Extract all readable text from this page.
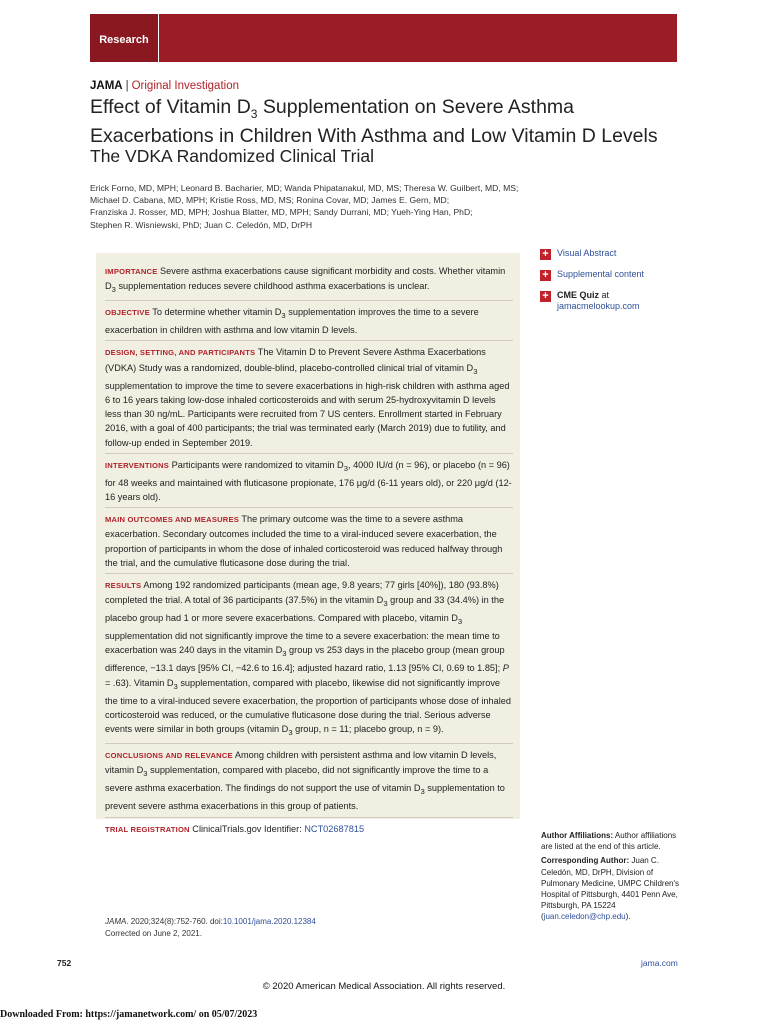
Research
JAMA | Original Investigation
Effect of Vitamin $D_3$ Supplementation on Severe Asthma Exacerbations in Children With Asthma and Low Vitamin D Levels
The VDKA Randomized Clinical Trial
Erick Forno, MD, MPH; Leonard B. Bacharier, MD; Wanda Phipatanakul, MD, MS; Theresa W. Guilbert, MD, MS;
Michael D. Cabana, MD, MPH; Kristie Ross, MD, MS; Ronina Covar, MD; James E. Gern, MD;
Franziska J. Rosser, MD, MPH; Joshua Blatter, MD, MPH; Sandy Durrani, MD; Yueh-Ying Han, PhD;
Stephen R. Wisniewski, PhD; Juan C. Celedón, MD, DrPH
+ Visual Abstract
+ Supplemental content
+ CME Quiz at
jamacmelookup.com

IMPORTANCE Severe asthma exacerbations cause significant morbidity and costs. Whether vitamin $D_3$ supplementation reduces severe childhood asthma exacerbations is unclear.

OBJECTIVE To determine whether vitamin $D_3$ supplementation improves the time to a severe exacerbation in children with asthma and low vitamin D levels.

DESIGN, SETTING, AND PARTICIPANTS The Vitamin D to Prevent Severe Asthma Exacerbations (VDKA) Study was a randomized, double-blind, placebo-controlled clinical trial of vitamin $D_3$ supplementation to improve the time to severe exacerbations in high-risk children with asthma aged 6 to 16 years taking low-dose inhaled corticosteroids and with serum 25-hydroxyvitamin D levels less than 30 ng/mL. Participants were recruited from 7 US centers. Enrollment started in February 2016, with a goal of 400 participants; the trial was terminated early (March 2019) due to futility, and follow-up ended in September 2019.

INTERVENTIONS Participants were randomized to vitamin $D_3$, 4000 IU/d (n = 96), or placebo (n = 96) for 48 weeks and maintained with fluticasone propionate, 176 μg/d (6-11 years old), or 220 μg/d (12-16 years old).

MAIN OUTCOMES AND MEASURES The primary outcome was the time to a severe asthma exacerbation. Secondary outcomes included the time to a viral-induced severe exacerbation, the proportion of participants in whom the dose of inhaled corticosteroid was reduced halfway through the trial, and the cumulative fluticasone dose during the trial.

RESULTS Among 192 randomized participants (mean age, 9.8 years; 77 girls [40%]), 180 (93.8%) completed the trial. A total of 36 participants (37.5%) in the vitamin $D_3$ group and 33 (34.4%) in the placebo group had 1 or more severe exacerbations. Compared with placebo, vitamin $D_3$ supplementation did not significantly improve the time to a severe exacerbation: the mean time to exacerbation was 240 days in the vitamin $D_3$ group vs 253 days in the placebo group (mean group difference, −13.1 days [95% CI, −42.6 to 16.4]; adjusted hazard ratio, 1.13 [95% CI, 0.69 to 1.85]; P = .63). Vitamin $D_3$ supplementation, compared with placebo, likewise did not significantly improve the time to a viral-induced severe exacerbation, the proportion of participants whose dose of inhaled corticosteroid was reduced, or the cumulative fluticasone dose during the trial. Serious adverse events were similar in both groups (vitamin $D_3$ group, n = 11; placebo group, n = 9).

CONCLUSIONS AND RELEVANCE Among children with persistent asthma and low vitamin D levels, vitamin $D_3$ supplementation, compared with placebo, did not significantly improve the time to a severe asthma exacerbation. The findings do not support the use of vitamin $D_3$ supplementation to prevent severe asthma exacerbations in this group of patients.

TRIAL REGISTRATION ClinicalTrials.gov Identifier: NCT02687815

Author Affiliations: Author affiliations are listed at the end of this article.
Corresponding Author: Juan C. Celedón, MD, DrPH, Division of Pulmonary Medicine, UMPC Children's Hospital of Pittsburgh, 4401 Penn Ave, Pittsburgh, PA 15224 (juan.celedon@chp.edu).
JAMA. 2020;324(8):752-760. doi:10.1001/jama.2020.12384
Corrected on June 2, 2021.
752	jama.com
© 2020 American Medical Association. All rights reserved.
Downloaded From: https://jamanetwork.com/ on 05/07/2023
